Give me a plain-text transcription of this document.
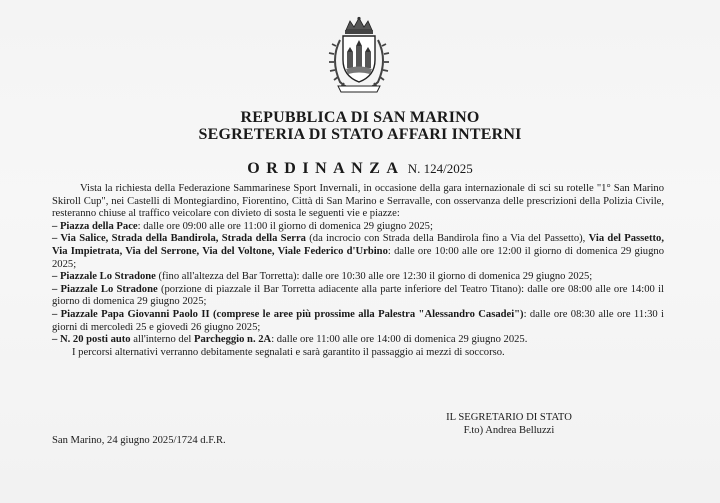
REPUBBLICA DI SAN MARINO
SEGRETERIA DI STATO AFFARI INTERNI
ORDINANZA N. 124/2025

Vista la richiesta della Federazione Sammarinese Sport Invernali, in occasione della gara internazionale di sci su rotelle "1° San Marino Skiroll Cup", nei Castelli di Montegiardino, Fiorentino, Città di San Marino e Serravalle, con osservanza delle prescrizioni della Polizia Civile, resteranno chiuse al traffico veicolare con divieto di sosta le seguenti vie e piazze:

– Piazza della Pace: dalle ore 09:00 alle ore 11:00 il giorno di domenica 29 giugno 2025;

– Via Salice, Strada della Bandirola, Strada della Serra (da incrocio con Strada della Bandirola fino a Via del Passetto), Via del Passetto, Via Impietrata, Via del Serrone, Via del Voltone, Viale Federico d'Urbino: dalle ore 10:00 alle ore 12:00 il giorno di domenica 29 giugno 2025;

– Piazzale Lo Stradone (fino all'altezza del Bar Torretta): dalle ore 10:30 alle ore 12:30 il giorno di domenica 29 giugno 2025;

– Piazzale Lo Stradone (porzione di piazzale il Bar Torretta adiacente alla parte inferiore del Teatro Titano): dalle ore 08:00 alle ore 14:00 il giorno di domenica 29 giugno 2025;

– Piazzale Papa Giovanni Paolo II (comprese le aree più prossime alla Palestra "Alessandro Casadei"): dalle ore 08:30 alle ore 11:30 i giorni di mercoledì 25 e giovedì 26 giugno 2025;

– N. 20 posti auto all'interno del Parcheggio n. 2A: dalle ore 11:00 alle ore 14:00 di domenica 29 giugno 2025.

I percorsi alternativi verranno debitamente segnalati e sarà garantito il passaggio ai mezzi di soccorso.

IL SEGRETARIO DI STATO
F.to) Andrea Belluzzi
San Marino, 24 giugno 2025/1724 d.F.R.
